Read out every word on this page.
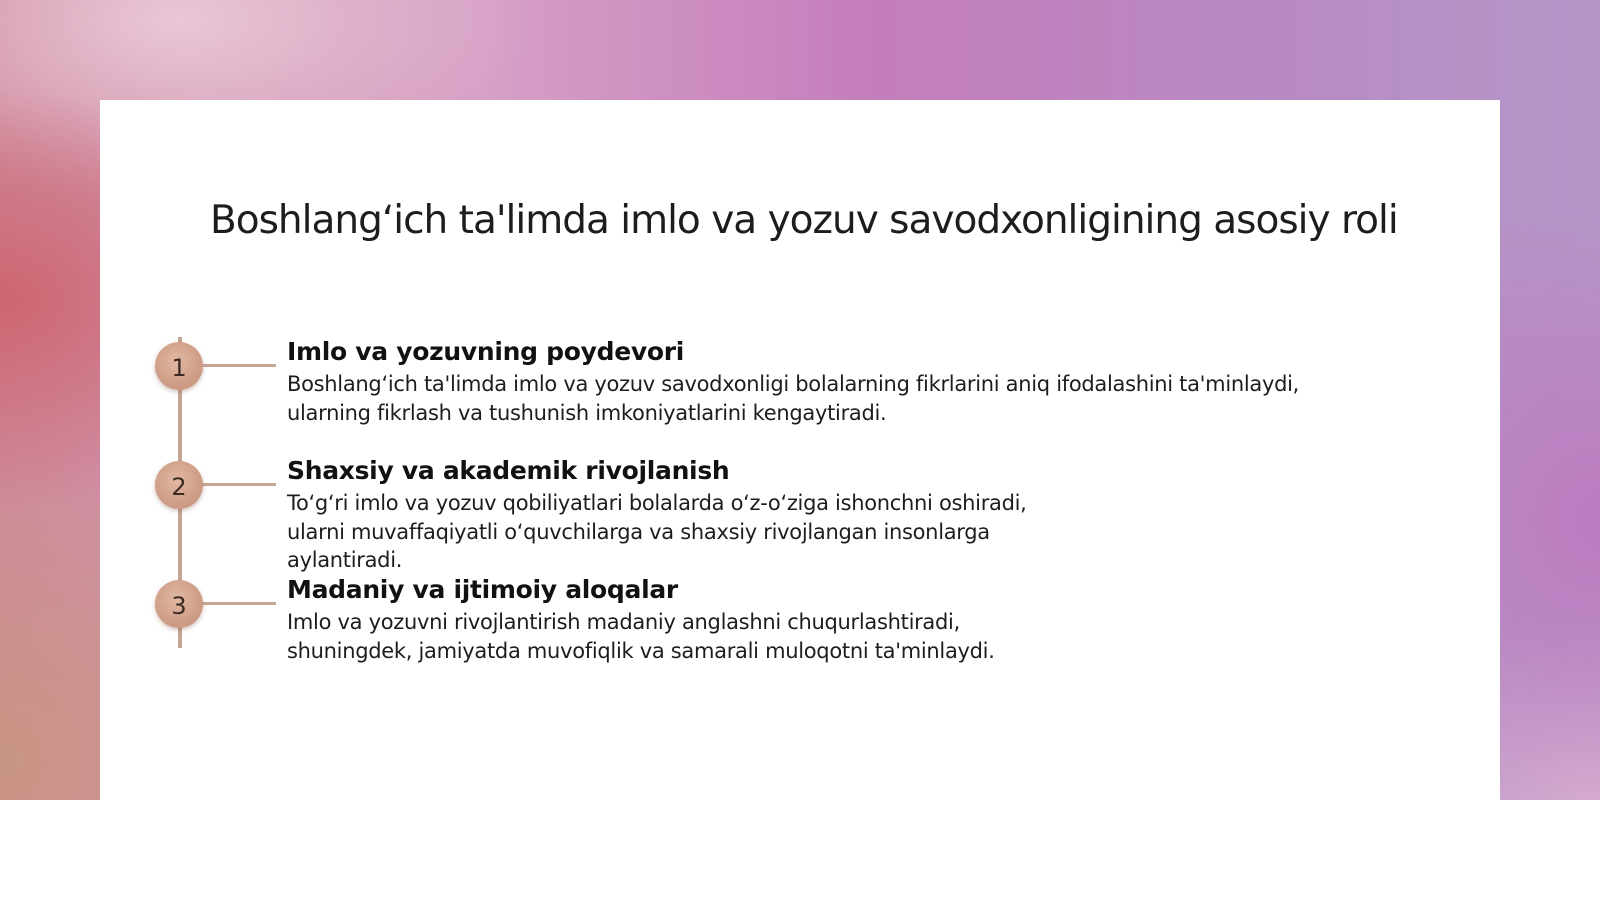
Boshlang‘ich ta'limda imlo va yozuv savodxonligining asosiy roli
1
Imlo va yozuvning poydevori

Boshlang‘ich ta'limda imlo va yozuv savodxonligi bolalarning fikrlarini aniq ifodalashini ta'minlaydi,
ularning fikrlash va tushunish imkoniyatlarini kengaytiradi.

2
Shaxsiy va akademik rivojlanish

To‘g‘ri imlo va yozuv qobiliyatlari bolalarda o‘z-o‘ziga ishonchni oshiradi,
ularni muvaffaqiyatli o‘quvchilarga va shaxsiy rivojlangan insonlarga
aylantiradi.

3
Madaniy va ijtimoiy aloqalar

Imlo va yozuvni rivojlantirish madaniy anglashni chuqurlashtiradi,
shuningdek, jamiyatda muvofiqlik va samarali muloqotni ta'minlaydi.
